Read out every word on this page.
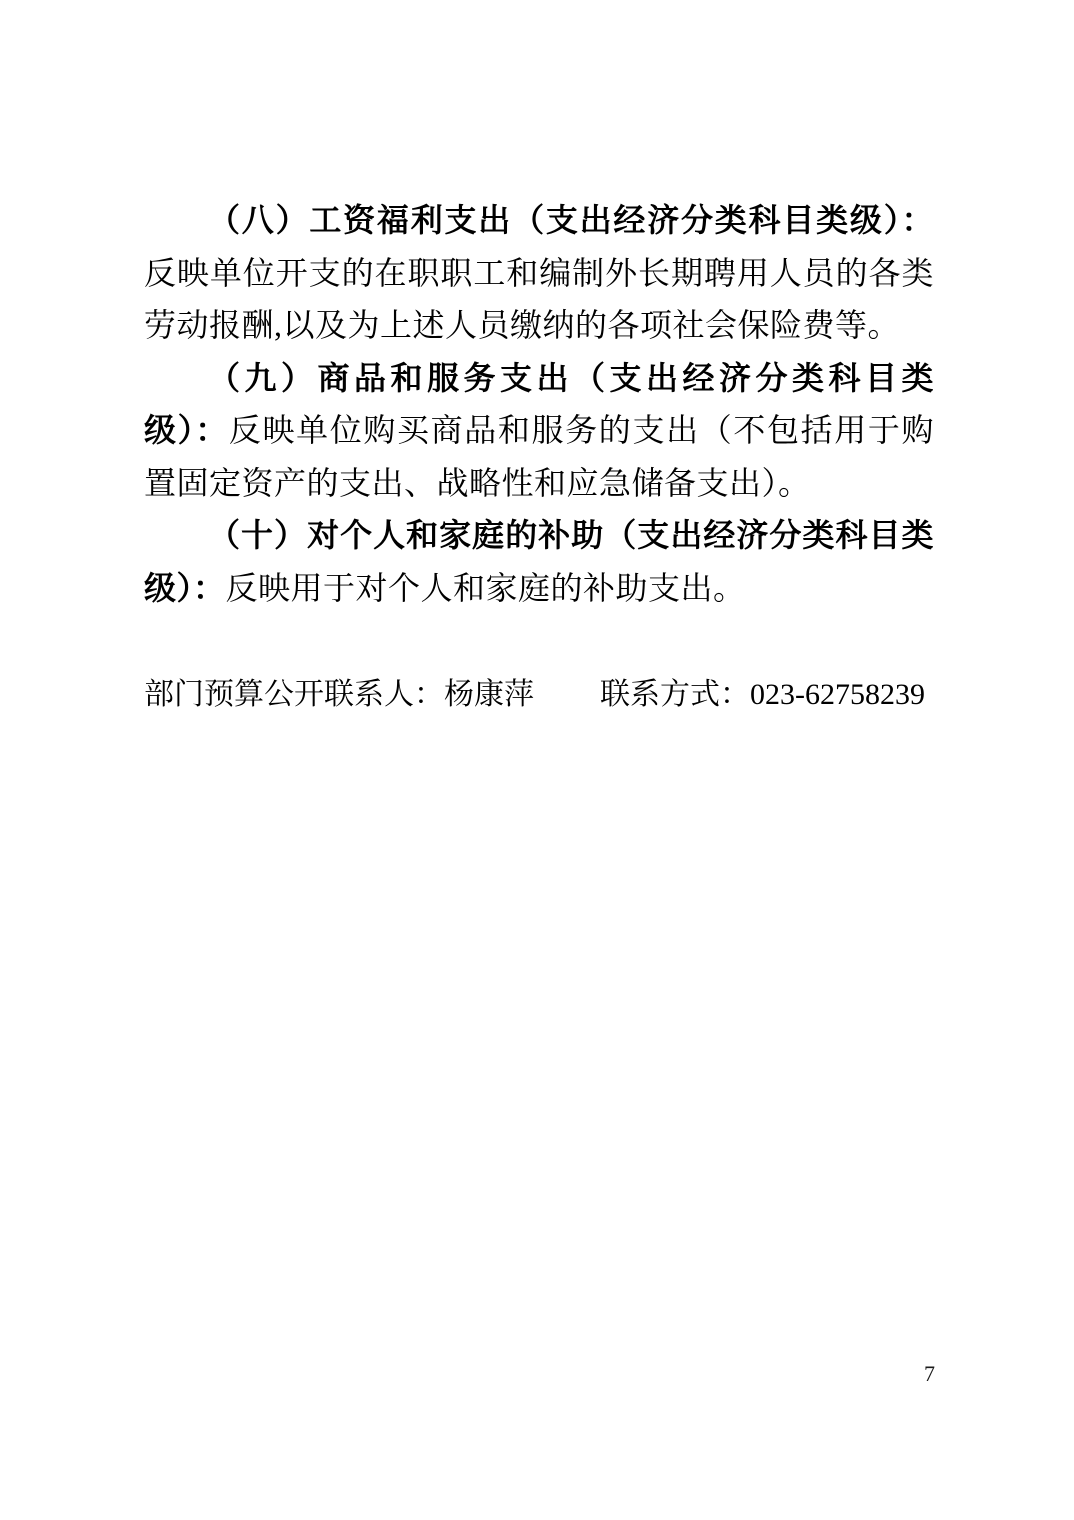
（八）工资福利支出（支出经济分类科目类级）：反映单位开支的在职职工和编制外长期聘用人员的各类劳动报酬,以及为上述人员缴纳的各项社会保险费等。

（九）商品和服务支出（支出经济分类科目类级）：反映单位购买商品和服务的支出（不包括用于购置固定资产的支出、战略性和应急储备支出）。

（十）对个人和家庭的补助（支出经济分类科目类级）：反映用于对个人和家庭的补助支出。

部门预算公开联系人：杨康萍 联系方式：023-62758239

7
